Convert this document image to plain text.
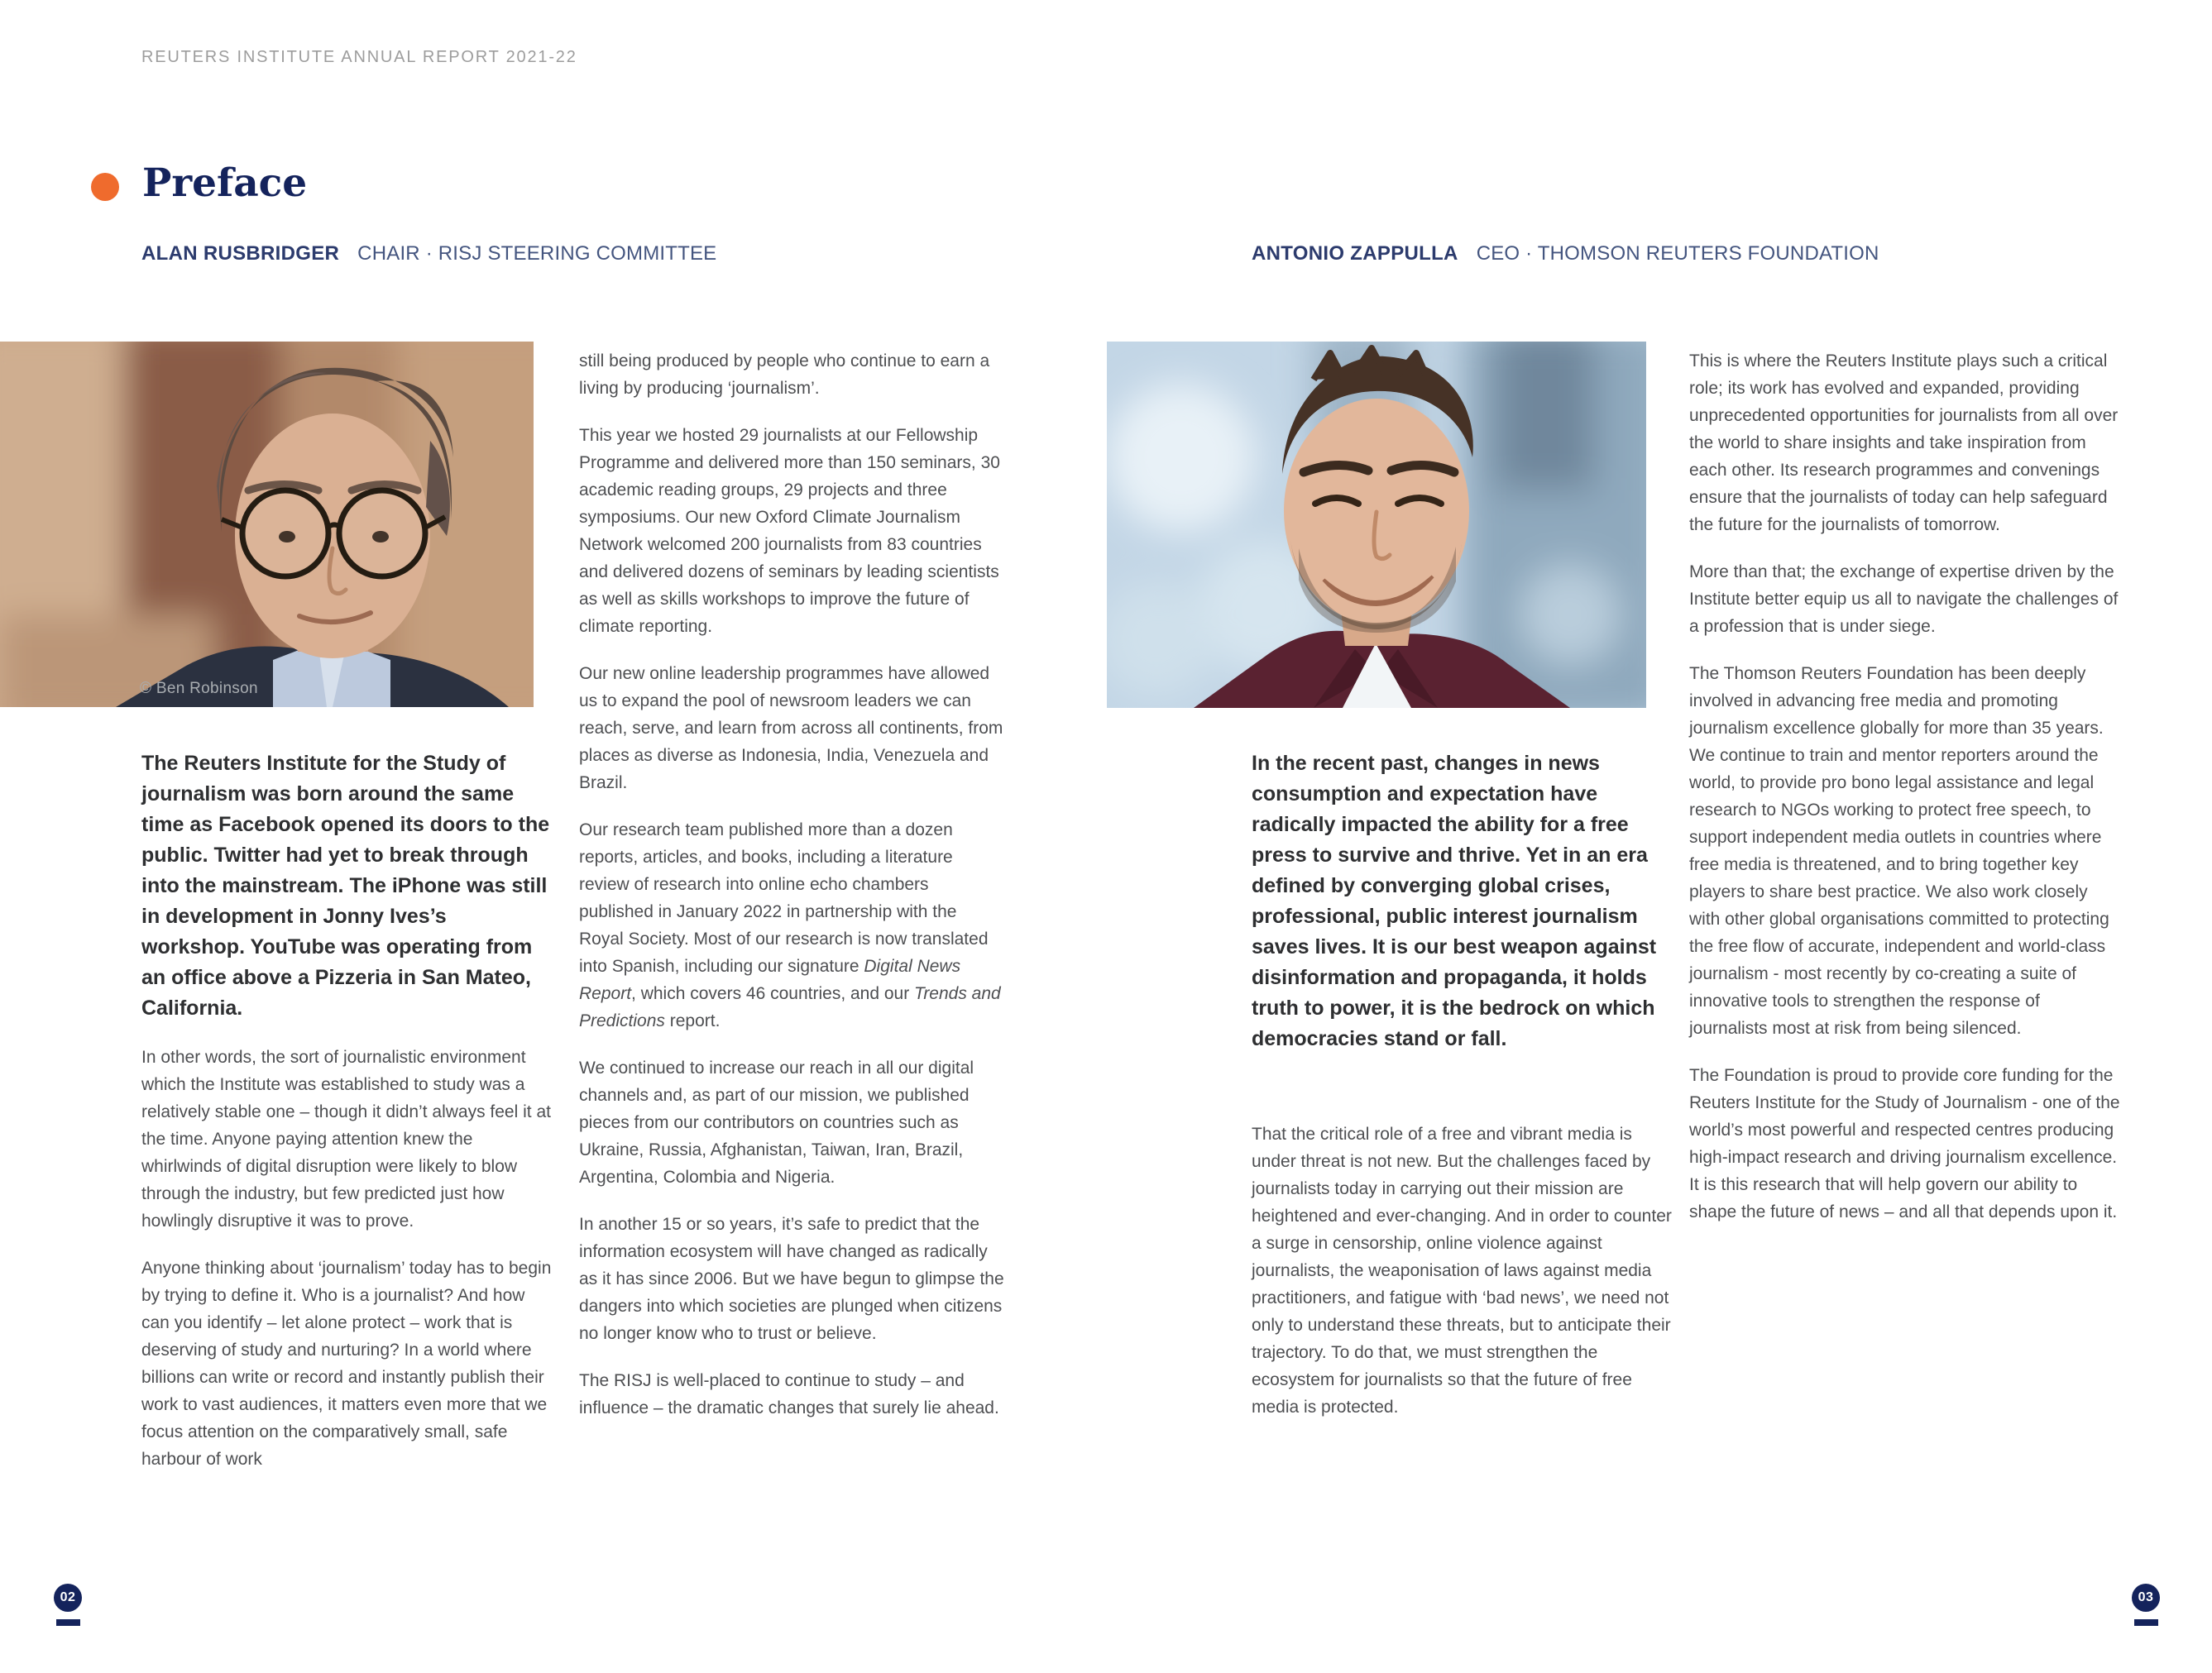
REUTERS INSTITUTE ANNUAL REPORT 2021-22
Preface
ALAN RUSBRIDGER CHAIR · RISJ STEERING COMMITTEE	ANTONIO ZAPPULLA CEO · THOMSON REUTERS FOUNDATION
© Ben Robinson

The Reuters Institute for the Study of journalism was born around the same time as Facebook opened its doors to the public. Twitter had yet to break through into the mainstream. The iPhone was still in development in Jonny Ives’s workshop. YouTube was operating from an office above a Pizzeria in San Mateo, California.

In other words, the sort of journalistic environment which the Institute was established to study was a relatively stable one – though it didn’t always feel it at the time. Anyone paying attention knew the whirlwinds of digital disruption were likely to blow through the industry, but few predicted just how howlingly disruptive it was to prove.

Anyone thinking about ‘journalism’ today has to begin by trying to define it. Who is a journalist? And how can you identify – let alone protect – work that is deserving of study and nurturing? In a world where billions can write or record and instantly publish their work to vast audiences, it matters even more that we focus attention on the comparatively small, safe harbour of work

still being produced by people who continue to earn a living by producing ‘journalism’.

This year we hosted 29 journalists at our Fellowship Programme and delivered more than 150 seminars, 30 academic reading groups, 29 projects and three symposiums. Our new Oxford Climate Journalism Network welcomed 200 journalists from 83 countries and delivered dozens of seminars by leading scientists as well as skills workshops to improve the future of climate reporting.

Our new online leadership programmes have allowed us to expand the pool of newsroom leaders we can reach, serve, and learn from across all continents, from places as diverse as Indonesia, India, Venezuela and Brazil.

Our research team published more than a dozen reports, articles, and books, including a literature review of research into online echo chambers published in January 2022 in partnership with the Royal Society. Most of our research is now translated into Spanish, including our signature Digital News Report, which covers 46 countries, and our Trends and Predictions report.

We continued to increase our reach in all our digital channels and, as part of our mission, we published pieces from our contributors on countries such as Ukraine, Russia, Afghanistan, Taiwan, Iran, Brazil, Argentina, Colombia and Nigeria.

In another 15 or so years, it’s safe to predict that the information ecosystem will have changed as radically as it has since 2006. But we have begun to glimpse the dangers into which societies are plunged when citizens no longer know who to trust or believe.

The RISJ is well-placed to continue to study – and influence – the dramatic changes that surely lie ahead.

In the recent past, changes in news consumption and expectation have radically impacted the ability for a free press to survive and thrive. Yet in an era defined by converging global crises, professional, public interest journalism saves lives. It is our best weapon against disinformation and propaganda, it holds truth to power, it is the bedrock on which democracies stand or fall.

That the critical role of a free and vibrant media is under threat is not new. But the challenges faced by journalists today in carrying out their mission are heightened and ever-changing. And in order to counter a surge in censorship, online violence against journalists, the weaponisation of laws against media practitioners, and fatigue with ‘bad news’, we need not only to understand these threats, but to anticipate their trajectory. To do that, we must strengthen the ecosystem for journalists so that the future of free media is protected.

This is where the Reuters Institute plays such a critical role; its work has evolved and expanded, providing unprecedented opportunities for journalists from all over the world to share insights and take inspiration from each other. Its research programmes and convenings ensure that the journalists of today can help safeguard the future for the journalists of tomorrow.

More than that; the exchange of expertise driven by the Institute better equip us all to navigate the challenges of a profession that is under siege.

The Thomson Reuters Foundation has been deeply involved in advancing free media and promoting journalism excellence globally for more than 35 years. We continue to train and mentor reporters around the world, to provide pro bono legal assistance and legal research to NGOs working to protect free speech, to support independent media outlets in countries where free media is threatened, and to bring together key players to share best practice. We also work closely with other global organisations committed to protecting the free flow of accurate, independent and world-class journalism - most recently by co-creating a suite of innovative tools to strengthen the response of journalists most at risk from being silenced.

The Foundation is proud to provide core funding for the Reuters Institute for the Study of Journalism - one of the world’s most powerful and respected centres producing high-impact research and driving journalism excellence. It is this research that will help govern our ability to shape the future of news – and all that depends upon it.

02	03
